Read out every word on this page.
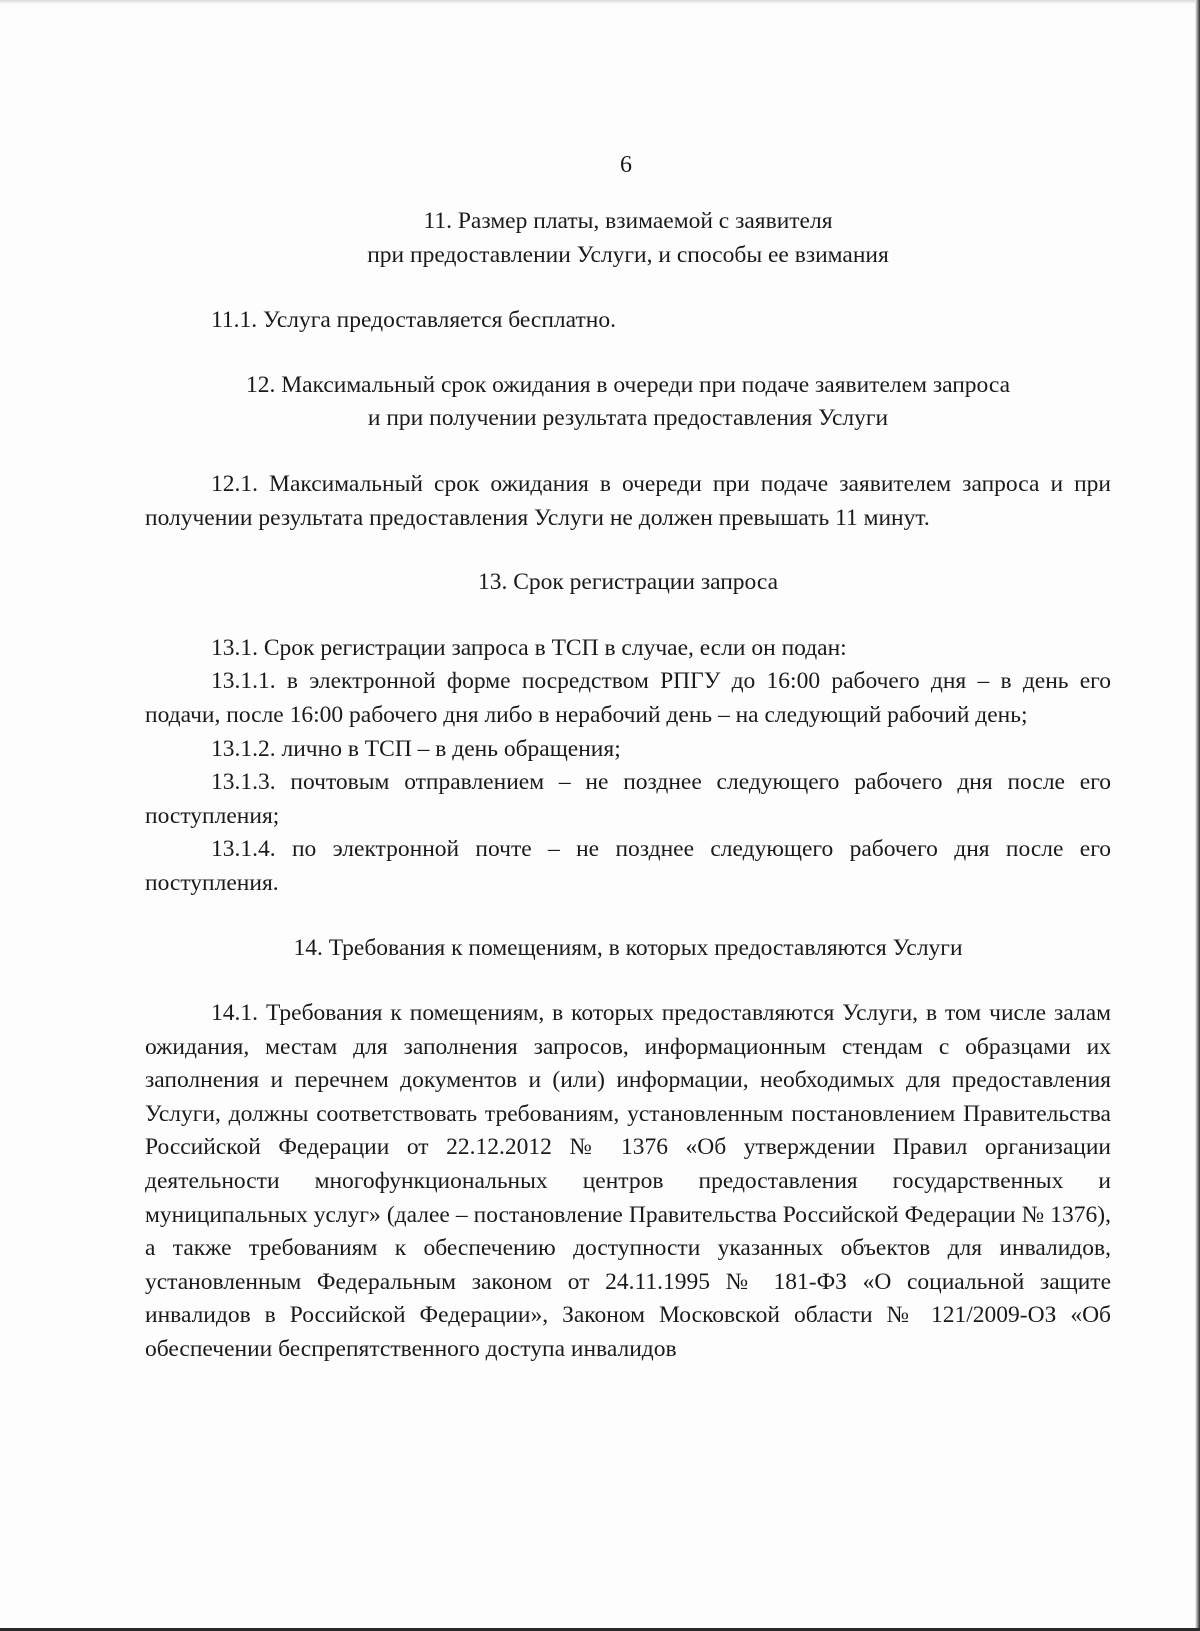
6

11. Размер платы, взимаемой с заявителя

при предоставлении Услуги, и способы ее взимания

11.1. Услуга предоставляется бесплатно.

12. Максимальный срок ожидания в очереди при подаче заявителем запроса

и при получении результата предоставления Услуги

12.1. Максимальный срок ожидания в очереди при подаче заявителем запроса и при получении результата предоставления Услуги не должен превышать 11 минут.

13. Срок регистрации запроса

13.1. Срок регистрации запроса в ТСП в случае, если он подан:

13.1.1. в электронной форме посредством РПГУ до 16:00 рабочего дня – в день его подачи, после 16:00 рабочего дня либо в нерабочий день – на следующий рабочий день;

13.1.2. лично в ТСП – в день обращения;

13.1.3. почтовым отправлением – не позднее следующего рабочего дня после его поступления;

13.1.4. по электронной почте – не позднее следующего рабочего дня после его поступления.

14. Требования к помещениям, в которых предоставляются Услуги

14.1. Требования к помещениям, в которых предоставляются Услуги, в том числе залам ожидания, местам для заполнения запросов, информационным стендам с образцами их заполнения и перечнем документов и (или) информации, необходимых для предоставления Услуги, должны соответствовать требованиям, установленным постановлением Правительства Российской Федерации от 22.12.2012 № 1376 «Об утверждении Правил организации деятельности многофункциональных центров предоставления государственных и муниципальных услуг» (далее – постановление Правительства Российской Федерации № 1376), а также требованиям к обеспечению доступности указанных объектов для инвалидов, установленным Федеральным законом от 24.11.1995 № 181-ФЗ «О социальной защите инвалидов в Российской Федерации», Законом Московской области № 121/2009-ОЗ «Об обеспечении беспрепятственного доступа инвалидов
